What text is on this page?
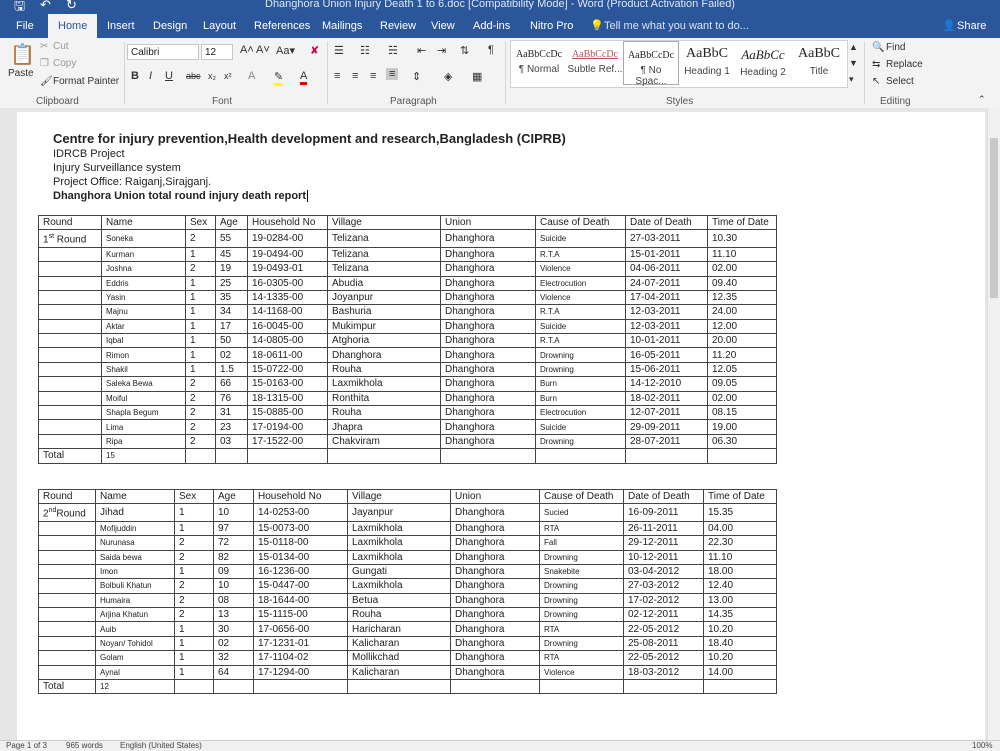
🖫 ↶ ↻	Dhanghora Union Injury Death 1 to 6.doc [Compatibility Mode] - Word (Product Activation Failed)
File	Home	Insert Design Layout References Mailings Review View Add-ins Nitro Pro 💡 Tell me what you want to do...	👤 Share
📋
Paste
✂ Cut
❐ Copy
🖌 Format Painter
Clipboard
Calibri	12	A˄ A˅ Aa▾ ✘
B I U abc x₂ x² A ✎ A
Font
☰ ☷ ☵ ⇤ ⇥ ⇅ ¶
≡ ≡ ≡ ≡ ⇕ ◈ ▦
Paragraph
AaBbCcDc
¶ Normal
AaBbCcDc
Subtle Ref...
AaBbCcDc
¶ No Spac...
AaBbC
Heading 1
AaBbCc
Heading 2
AaBbC
Title
▲
▼
▾
Styles
🔍 Find
⇆ Replace
↖ Select
Editing	⌃
Centre for injury prevention,Health development and research,Bangladesh (CIPRB)
IDRCB Project
Injury Surveillance system
Project Office: Raiganj,Sirajganj.
Dhanghora Union total round injury death report
Round	Name	Sex	Age	Household No	Village	Union	Cause of Death	Date of Death	Time of Date
1st Round	Soneka	2	55	19-0284-00	Telizana	Dhanghora	Suicide	27-03-2011	10.30
	Kurman	1	45	19-0494-00	Telizana	Dhanghora	R.T.A	15-01-2011	11.10
	Joshna	2	19	19-0493-01	Telizana	Dhanghora	Violence	04-06-2011	02.00
	Eddris	1	25	16-0305-00	Abudia	Dhanghora	Electrocution	24-07-2011	09.40
	Yasin	1	35	14-1335-00	Joyanpur	Dhanghora	Violence	17-04-2011	12.35
	Majnu	1	34	14-1168-00	Bashuria	Dhanghora	R.T.A	12-03-2011	24.00
	Aktar	1	17	16-0045-00	Mukimpur	Dhanghora	Suicide	12-03-2011	12.00
	Iqbal	1	50	14-0805-00	Atghoria	Dhanghora	R.T.A	10-01-2011	20.00
	Rimon	1	02	18-0611-00	Dhanghora	Dhanghora	Drowning	16-05-2011	11.20
	Shakil	1	1.5	15-0722-00	Rouha	Dhanghora	Drowning	15-06-2011	12.05
	Saleka Bewa	2	66	15-0163-00	Laxmikhola	Dhanghora	Burn	14-12-2010	09.05
	Moiful	2	76	18-1315-00	Ronthita	Dhanghora	Burn	18-02-2011	02.00
	Shapla Begum	2	31	15-0885-00	Rouha	Dhanghora	Electrocution	12-07-2011	08.15
	Lima	2	23	17-0194-00	Jhapra	Dhanghora	Suicide	29-09-2011	19.00
	Ripa	2	03	17-1522-00	Chakviram	Dhanghora	Drowning	28-07-2011	06.30
Total	15								
Round	Name	Sex	Age	Household No	Village	Union	Cause of Death	Date of Death	Time of Date
2ndRound	Jihad	1	10	14-0253-00	Jayanpur	Dhanghora	Sucied	16-09-2011	15.35
	Mofijuddin	1	97	15-0073-00	Laxmikhola	Dhanghora	RTA	26-11-2011	04.00
	Nurunasa	2	72	15-0118-00	Laxmikhola	Dhanghora	Fall	29-12-2011	22.30
	Saida bewa	2	82	15-0134-00	Laxmikhola	Dhanghora	Drowning	10-12-2011	11.10
	Imon	1	09	16-1236-00	Gungati	Dhanghora	Snakebite	03-04-2012	18.00
	Bolbuli Khatun	2	10	15-0447-00	Laxmikhola	Dhanghora	Drowning	27-03-2012	12.40
	Humaira	2	08	18-1644-00	Betua	Dhanghora	Drowning	17-02-2012	13.00
	Arjina Khatun	2	13	15-1115-00	Rouha	Dhanghora	Drowning	02-12-2011	14.35
	Auib	1	30	17-0656-00	Haricharan	Dhanghora	RTA	22-05-2012	10.20
	Noyan/ Tohidol	1	02	17-1231-01	Kalicharan	Dhanghora	Drowning	25-08-2011	18.40
	Golam	1	32	17-1104-02	Mollikchad	Dhanghora	RTA	22-05-2012	10.20
	Aynal	1	64	17-1294-00	Kalicharan	Dhanghora	Violence	18-03-2012	14.00
Total	12								
Page 1 of 3 965 words English (United States)	100%
